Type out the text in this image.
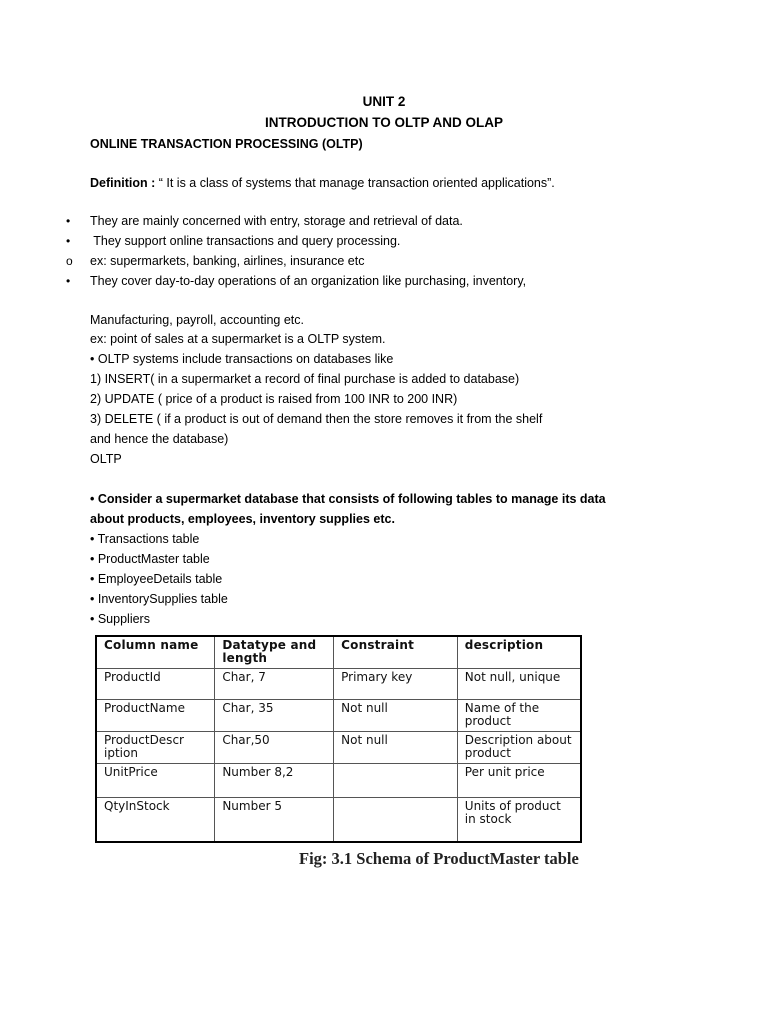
UNIT 2
INTRODUCTION TO OLTP AND OLAP
ONLINE TRANSACTION PROCESSING (OLTP)
Definition : “ It is a class of systems that manage transaction oriented applications”.
• They are mainly concerned with entry, storage and retrieval of data.
• They support online transactions and query processing.
o ex: supermarkets, banking, airlines, insurance etc
• They cover day-to-day operations of an organization like purchasing, inventory,
Manufacturing, payroll, accounting etc.
ex: point of sales at a supermarket is a OLTP system.
• OLTP systems include transactions on databases like
1) INSERT( in a supermarket a record of final purchase is added to database)
2) UPDATE ( price of a product is raised from 100 INR to 200 INR)
3) DELETE ( if a product is out of demand then the store removes it from the shelf
and hence the database)
OLTP
• Consider a supermarket database that consists of following tables to manage its data
about products, employees, inventory supplies etc.
• Transactions table
• ProductMaster table
• EmployeeDetails table
• InventorySupplies table
• Suppliers
Column name	Datatype and length	Constraint	description
ProductId	Char, 7	Primary key	Not null, unique
ProductName	Char, 35	Not null	Name of the product
ProductDescr iption	Char,50	Not null	Description about product
UnitPrice	Number 8,2		Per unit price
QtyInStock	Number 5		Units of product in stock
Fig: 3.1 Schema of ProductMaster table
